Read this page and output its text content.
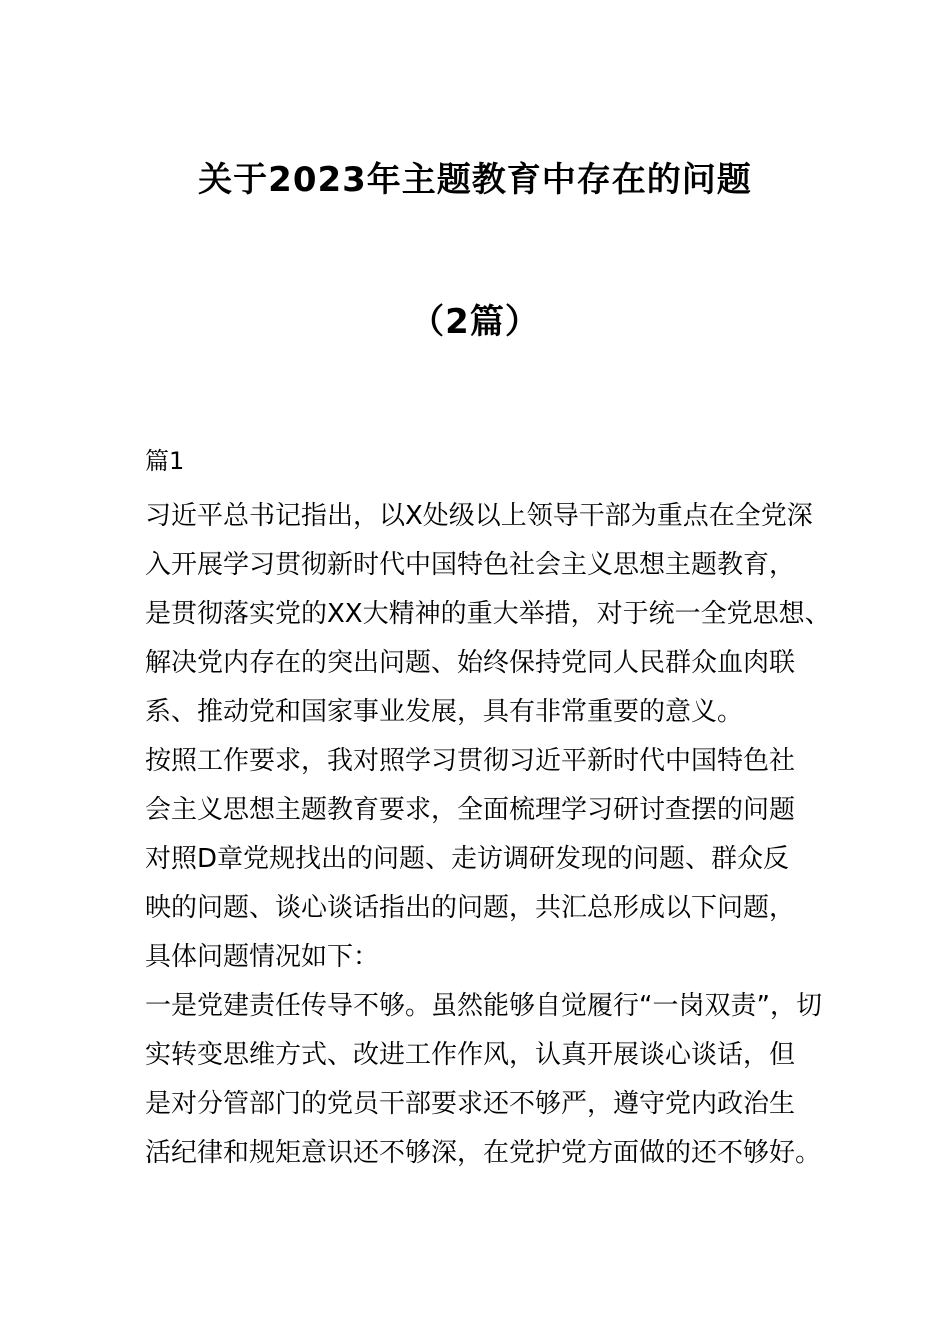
关于2023年主题教育中存在的问题
（2篇）
篇1
习近平总书记指出，以X处级以上领导干部为重点在全党深
入开展学习贯彻新时代中国特色社会主义思想主题教育，
是贯彻落实党的XX大精神的重大举措，对于统一全党思想、
解决党内存在的突出问题、始终保持党同人民群众血肉联
系、推动党和国家事业发展，具有非常重要的意义。
按照工作要求，我对照学习贯彻习近平新时代中国特色社
会主义思想主题教育要求，全面梳理学习研讨查摆的问题
对照D章党规找出的问题、走访调研发现的问题、群众反
映的问题、谈心谈话指出的问题，共汇总形成以下问题，
具体问题情况如下：
一是党建责任传导不够。虽然能够自觉履行“一岗双责”，切
实转变思维方式、改进工作作风，认真开展谈心谈话，但
是对分管部门的党员干部要求还不够严，遵守党内政治生
活纪律和规矩意识还不够深，在党护党方面做的还不够好。
